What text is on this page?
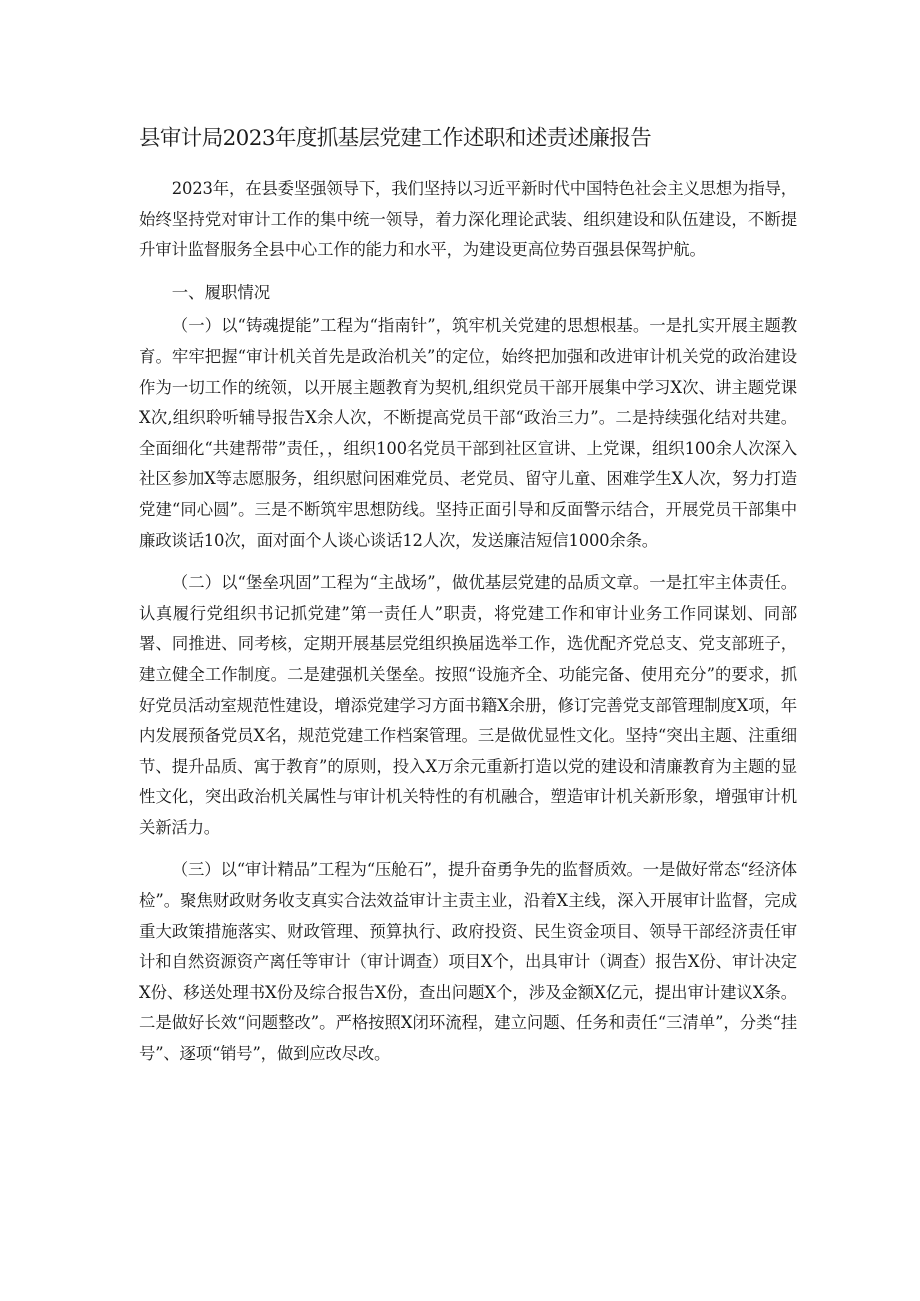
县审计局2023年度抓基层党建工作述职和述责述廉报告

2023年，在县委坚强领导下，我们坚持以习近平新时代中国特色社会主义思想为指导，始终坚持党对审计工作的集中统一领导，着力深化理论武装、组织建设和队伍建设，不断提升审计监督服务全县中心工作的能力和水平，为建设更高位势百强县保驾护航。

一、履职情况

（一）以“铸魂提能”工程为“指南针”，筑牢机关党建的思想根基。一是扎实开展主题教育。牢牢把握“审计机关首先是政治机关”的定位，始终把加强和改进审计机关党的政治建设作为一切工作的统领，以开展主题教育为契机,组织党员干部开展集中学习X次、讲主题党课X次,组织聆听辅导报告X余人次，不断提高党员干部“政治三力”。二是持续强化结对共建。全面细化“共建帮带”责任，，组织100名党员干部到社区宣讲、上党课，组织100余人次深入社区参加X等志愿服务，组织慰问困难党员、老党员、留守儿童、困难学生X人次，努力打造党建“同心圆”。三是不断筑牢思想防线。坚持正面引导和反面警示结合，开展党员干部集中廉政谈话10次，面对面个人谈心谈话12人次，发送廉洁短信1000余条。

（二）以“堡垒巩固”工程为“主战场”，做优基层党建的品质文章。一是扛牢主体责任。认真履行党组织书记抓党建”第一责任人”职责，将党建工作和审计业务工作同谋划、同部署、同推进、同考核，定期开展基层党组织换届选举工作，选优配齐党总支、党支部班子，建立健全工作制度。二是建强机关堡垒。按照“设施齐全、功能完备、使用充分”的要求，抓好党员活动室规范性建设，增添党建学习方面书籍X余册，修订完善党支部管理制度X项，年内发展预备党员X名，规范党建工作档案管理。三是做优显性文化。坚持“突出主题、注重细节、提升品质、寓于教育”的原则，投入X万余元重新打造以党的建设和清廉教育为主题的显性文化，突出政治机关属性与审计机关特性的有机融合，塑造审计机关新形象，增强审计机关新活力。

（三）以“审计精品”工程为“压舱石”，提升奋勇争先的监督质效。一是做好常态“经济体检”。聚焦财政财务收支真实合法效益审计主责主业，沿着X主线，深入开展审计监督，完成重大政策措施落实、财政管理、预算执行、政府投资、民生资金项目、领导干部经济责任审计和自然资源资产离任等审计（审计调查）项目X个，出具审计（调查）报告X份、审计决定X份、移送处理书X份及综合报告X份，查出问题X个，涉及金额X亿元，提出审计建议X条。二是做好长效“问题整改”。严格按照X闭环流程，建立问题、任务和责任“三清单”，分类“挂号”、逐项“销号”，做到应改尽改。
